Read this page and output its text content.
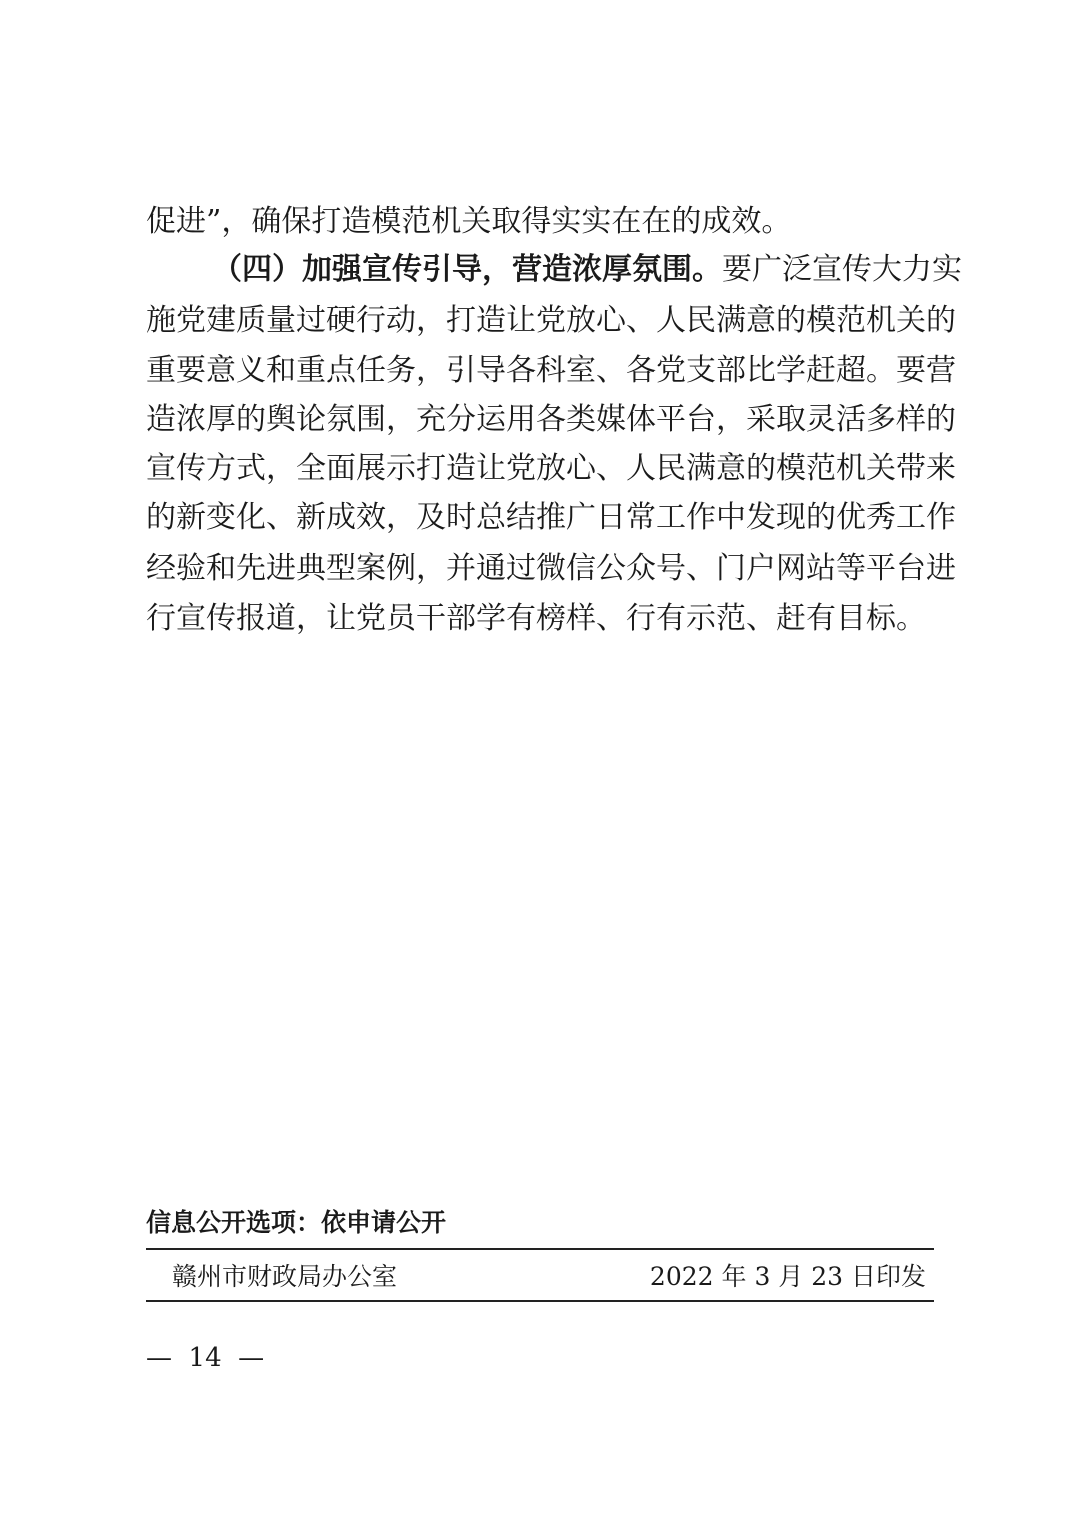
促进”，确保打造模范机关取得实实在在的成效。
（四）加强宣传引导，营造浓厚氛围。要广泛宣传大力实
施党建质量过硬行动，打造让党放心、人民满意的模范机关的
重要意义和重点任务，引导各科室、各党支部比学赶超。要营
造浓厚的舆论氛围，充分运用各类媒体平台，采取灵活多样的
宣传方式，全面展示打造让党放心、人民满意的模范机关带来
的新变化、新成效，及时总结推广日常工作中发现的优秀工作
经验和先进典型案例，并通过微信公众号、门户网站等平台进
行宣传报道，让党员干部学有榜样、行有示范、赶有目标。
信息公开选项：依申请公开
赣州市财政局办公室	2022 年 3 月 23 日印发
—  14  —
